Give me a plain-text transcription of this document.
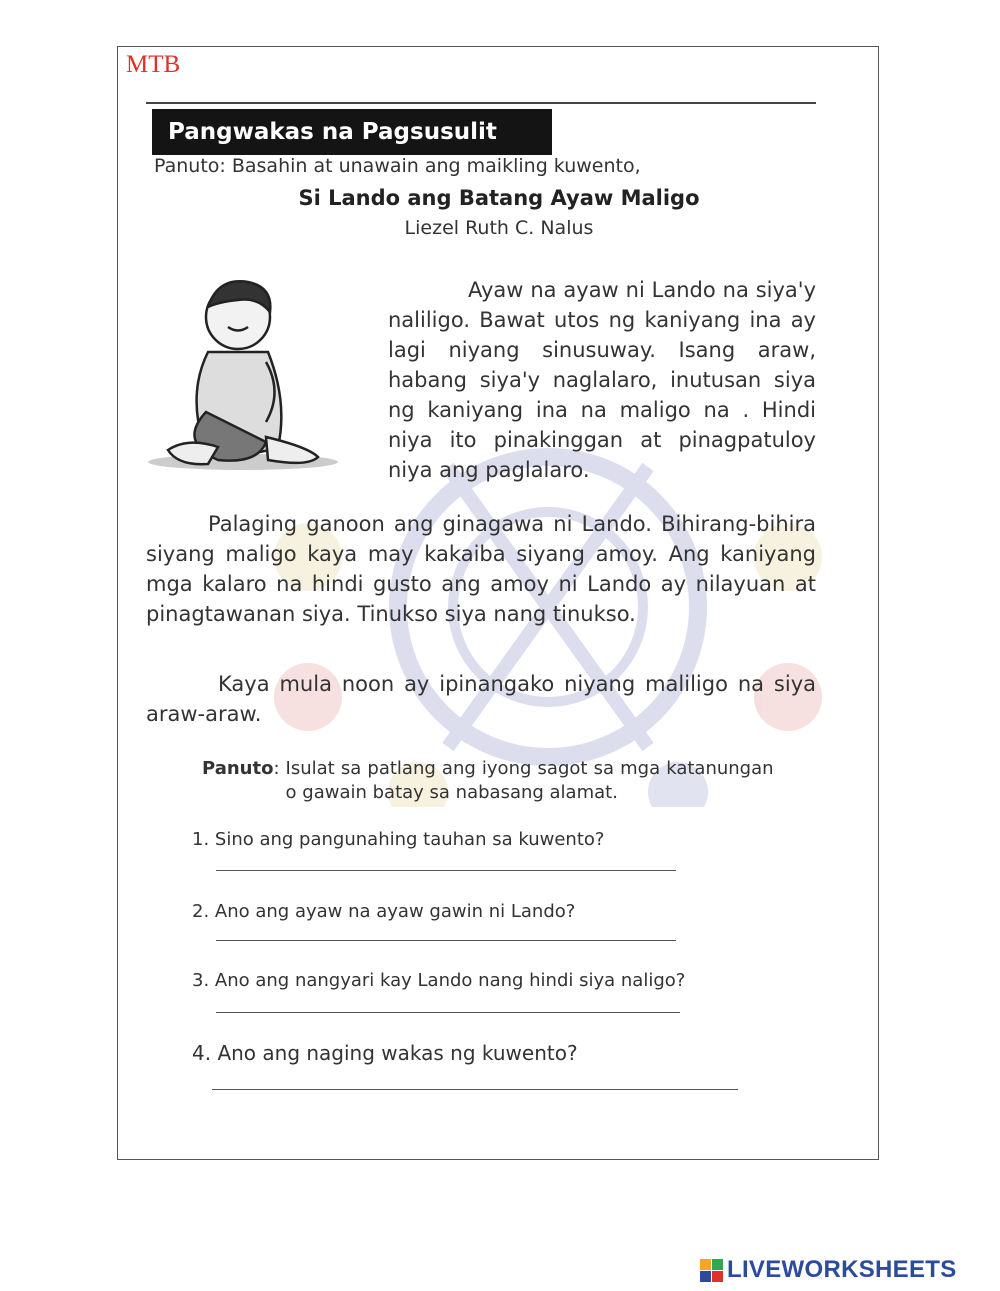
MTB
Pangwakas na Pagsusulit
Panuto: Basahin at unawain ang maikling kuwento,
Si Lando ang Batang Ayaw Maligo
Liezel Ruth C. Nalus

Ayaw na ayaw ni Lando na siya'y naliligo. Bawat utos ng kaniyang ina ay lagi niyang sinusuway. Isang araw, habang siya'y naglalaro, inutusan siya ng kaniyang ina na maligo na . Hindi niya ito pinakinggan at pinagpatuloy niya ang paglalaro.

Palaging ganoon ang ginagawa ni Lando. Bihirang-bihira siyang maligo kaya may kakaiba siyang amoy. Ang kaniyang mga kalaro na hindi gusto ang amoy ni Lando ay nilayuan at pinagtawanan siya. Tinukso siya nang tinukso.

Kaya mula noon ay ipinangako niyang maliligo na siya araw-araw.

Panuto: Isulat sa patlang ang iyong sagot sa mga katanungan o gawain batay sa nabasang alamat.
1. Sino ang pangunahing tauhan sa kuwento?
2. Ano ang ayaw na ayaw gawin ni Lando?
3. Ano ang nangyari kay Lando nang hindi siya naligo?
4. Ano ang naging wakas ng kuwento?
LIVEWORKSHEETS
